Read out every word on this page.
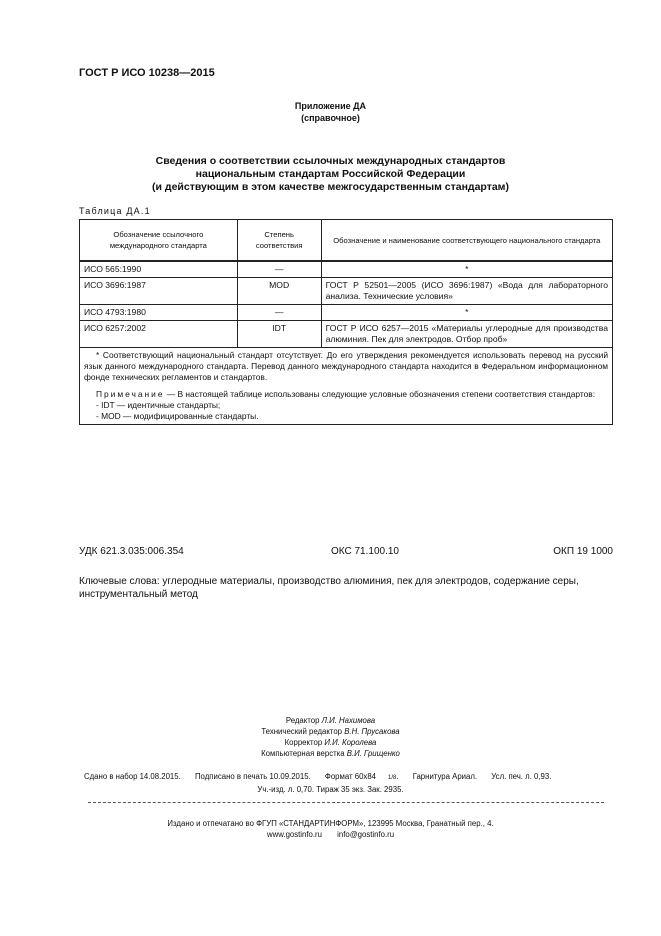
ГОСТ Р ИСО 10238—2015
Приложение ДА
(справочное)
Сведения о соответствии ссылочных международных стандартов
национальным стандартам Российской Федерации
(и действующим в этом качестве межгосударственным стандартам)
Таблица ДА.1
Обозначение ссылочного международного стандарта	Степень соответствия	Обозначение и наименование соответствующего национального стандарта
ИСО 565:1990	—	*
ИСО 3696:1987	MOD	ГОСТ Р 52501—2005 (ИСО 3696:1987) «Вода для лабораторного анализа. Технические условия»
ИСО 4793:1980	—	*
ИСО 6257:2002	IDT	ГОСТ Р ИСО 6257—2015 «Материалы углеродные для производства алюминия. Пек для электродов. Отбор проб»

* Соответствующий национальный стандарт отсутствует. До его утверждения рекомендуется использовать перевод на русский язык данного международного стандарта. Перевод данного международного стандарта находится в Федеральном информационном фонде технических регламентов и стандартов.

Примечание — В настоящей таблице использованы следующие условные обозначения степени соответствия стандартов:

- IDT — идентичные стандарты;
- MOD — модифицированные стандарты.		
УДК 621.3.035:006.354	ОКС 71.100.10	ОКП 19 1000
Ключевые слова: углеродные материалы, производство алюминия, пек для электродов, содержание серы, инструментальный метод
Редактор Л.И. Нахимова
Технический редактор В.Н. Прусакова
Корректор И.И. Королева
Компьютерная верстка В.И. Грищенко
Сдано в набор 14.08.2015. Подписано в печать 10.09.2015. Формат 60x84 1/8. Гарнитура Ариал. Усл. печ. л. 0,93.
Уч.-изд. л. 0,70. Тираж 35 экз. Зак. 2935.
Издано и отпечатано во ФГУП «СТАНДАРТИНФОРМ», 123995 Москва, Гранатный пер., 4.
www.gostinfo.ru info@gostinfo.ru
